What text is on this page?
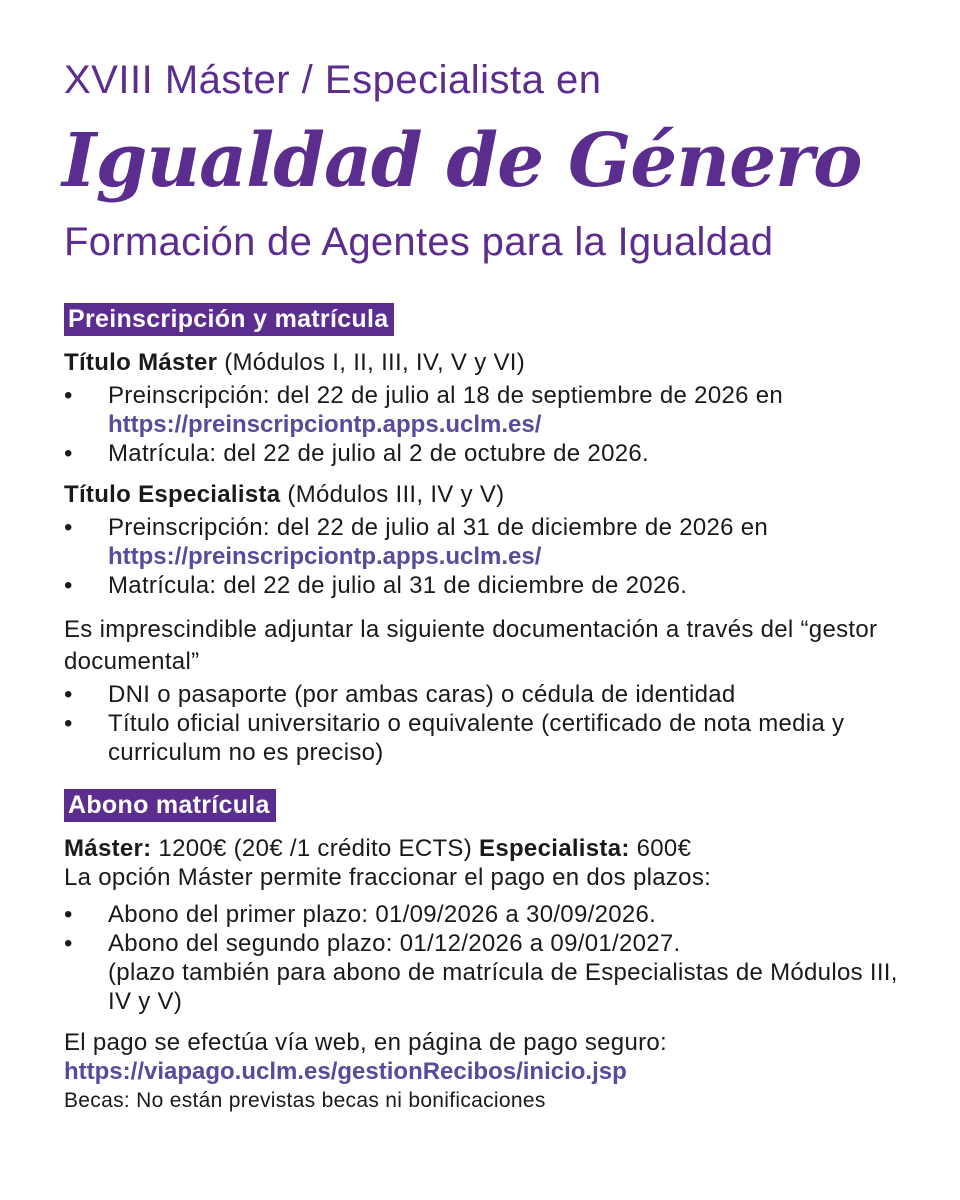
XVIII Máster / Especialista en
Igualdad de Género
Formación de Agentes para la Igualdad
Preinscripción y matrícula

Título Máster (Módulos I, II, III, IV, V y VI)

• Preinscripción: del 22 de julio al 18 de septiembre de 2026 en
https://preinscripciontp.apps.uclm.es/
• Matrícula: del 22 de julio al 2 de octubre de 2026.

Título Especialista (Módulos III, IV y V)

• Preinscripción: del 22 de julio al 31 de diciembre de 2026 en
https://preinscripciontp.apps.uclm.es/
• Matrícula: del 22 de julio al 31 de diciembre de 2026.

Es imprescindible adjuntar la siguiente documentación a través del “gestor documental”

• DNI o pasaporte (por ambas caras) o cédula de identidad
• Título oficial universitario o equivalente (certificado de nota media y curriculum no es preciso)
Abono matrícula

Máster: 1200€ (20€ /1 crédito ECTS) Especialista: 600€

La opción Máster permite fraccionar el pago en dos plazos:

• Abono del primer plazo: 01/09/2026 a 30/09/2026.
• Abono del segundo plazo: 01/12/2026 a 09/01/2027.
(plazo también para abono de matrícula de Especialistas de Módulos III, IV y V)

El pago se efectúa vía web, en página de pago seguro:

https://viapago.uclm.es/gestionRecibos/inicio.jsp

Becas: No están previstas becas ni bonificaciones
